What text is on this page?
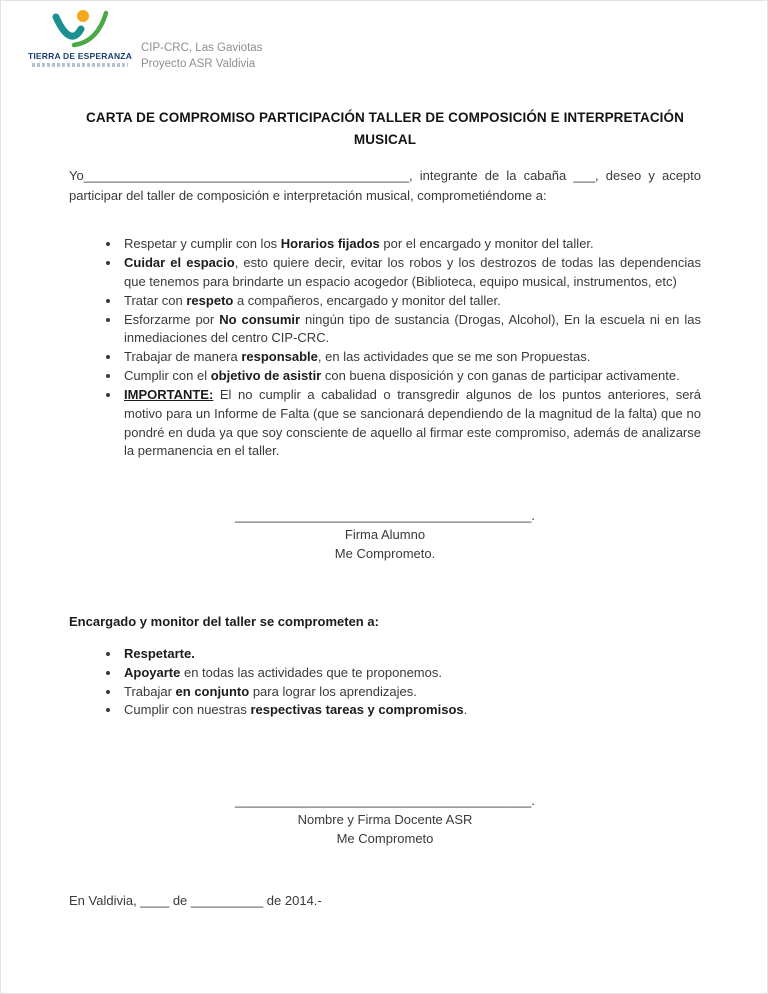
TIERRA DE ESPERANZA
CIP-CRC, Las Gaviotas
Proyecto ASR Valdivia
CARTA DE COMPROMISO PARTICIPACIÓN TALLER DE COMPOSICIÓN E INTERPRETACIÓN MUSICAL

Yo_____________________________________________, integrante de la cabaña ___, deseo y acepto participar del taller de composición e interpretación musical, comprometiéndome a:

• Respetar y cumplir con los Horarios fijados por el encargado y monitor del taller.
• Cuidar el espacio, esto quiere decir, evitar los robos y los destrozos de todas las dependencias que tenemos para brindarte un espacio acogedor (Biblioteca, equipo musical, instrumentos, etc)
• Tratar con respeto a compañeros, encargado y monitor del taller.
• Esforzarme por No consumir ningún tipo de sustancia (Drogas, Alcohol), En la escuela ni en las inmediaciones del centro CIP-CRC.
• Trabajar de manera responsable, en las actividades que se me son Propuestas.
• Cumplir con el objetivo de asistir con buena disposición y con ganas de participar activamente.
• IMPORTANTE: El no cumplir a cabalidad o transgredir algunos de los puntos anteriores, será motivo para un Informe de Falta (que se sancionará dependiendo de la magnitud de la falta) que no pondré en duda ya que soy consciente de aquello al firmar este compromiso, además de analizarse la permanencia en el taller.
_________________________________________.
Firma Alumno
Me Comprometo.

Encargado y monitor del taller se comprometen a:

• Respetarte.
• Apoyarte en todas las actividades que te proponemos.
• Trabajar en conjunto para lograr los aprendizajes.
• Cumplir con nuestras respectivas tareas y compromisos.
_________________________________________.
Nombre y Firma Docente ASR
Me Comprometo

En Valdivia, ____ de __________ de 2014.-
